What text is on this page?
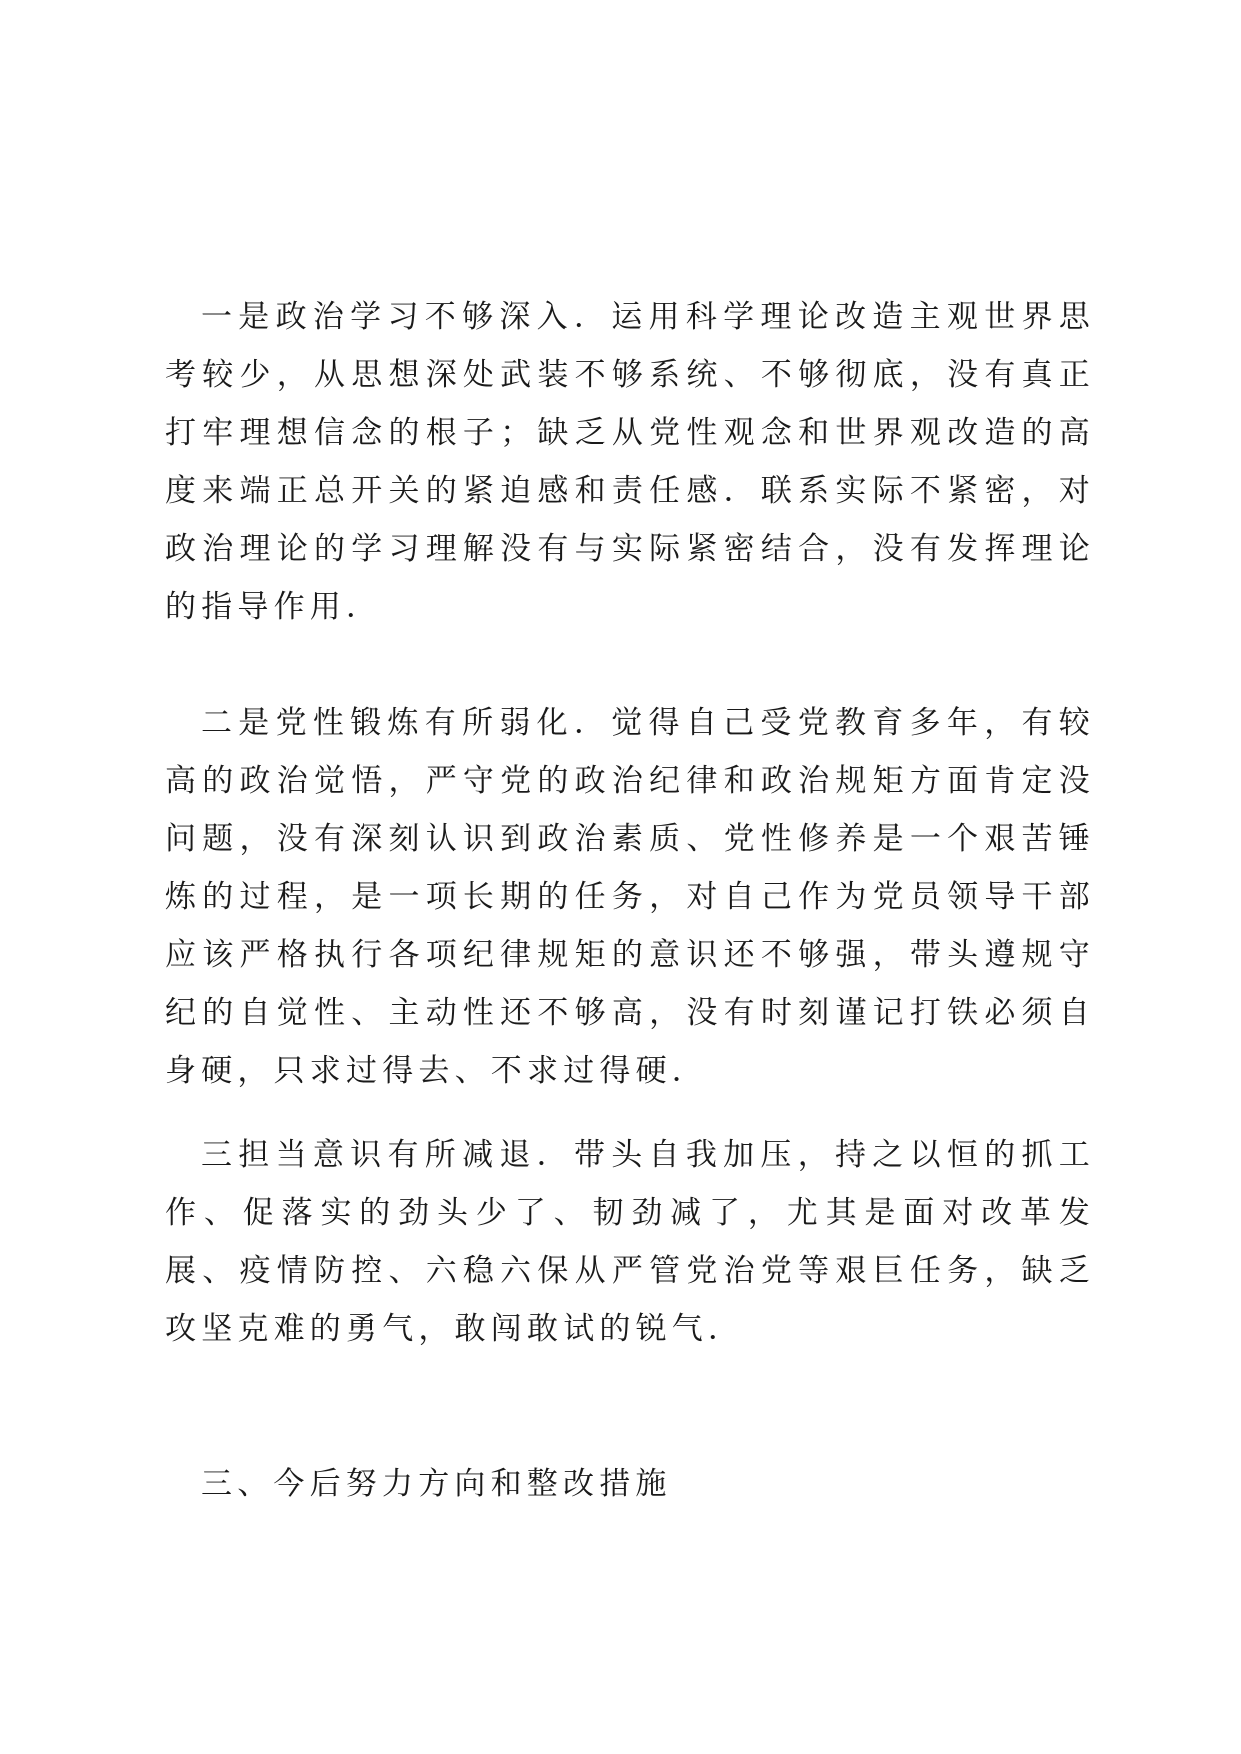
一是政治学习不够深入．运用科学理论改造主观世界思考较少，从思想深处武装不够系统、不够彻底，没有真正打牢理想信念的根子；缺乏从党性观念和世界观改造的高度来端正总开关的紧迫感和责任感．联系实际不紧密，对政治理论的学习理解没有与实际紧密结合，没有发挥理论的指导作用．

二是党性锻炼有所弱化．觉得自己受党教育多年，有较高的政治觉悟，严守党的政治纪律和政治规矩方面肯定没问题，没有深刻认识到政治素质、党性修养是一个艰苦锤炼的过程，是一项长期的任务，对自己作为党员领导干部应该严格执行各项纪律规矩的意识还不够强，带头遵规守纪的自觉性、主动性还不够高，没有时刻谨记打铁必须自身硬，只求过得去、不求过得硬．

三担当意识有所减退．带头自我加压，持之以恒的抓工作、促落实的劲头少了、韧劲减了，尤其是面对改革发展、疫情防控、六稳六保从严管党治党等艰巨任务，缺乏攻坚克难的勇气，敢闯敢试的锐气．

三、今后努力方向和整改措施
